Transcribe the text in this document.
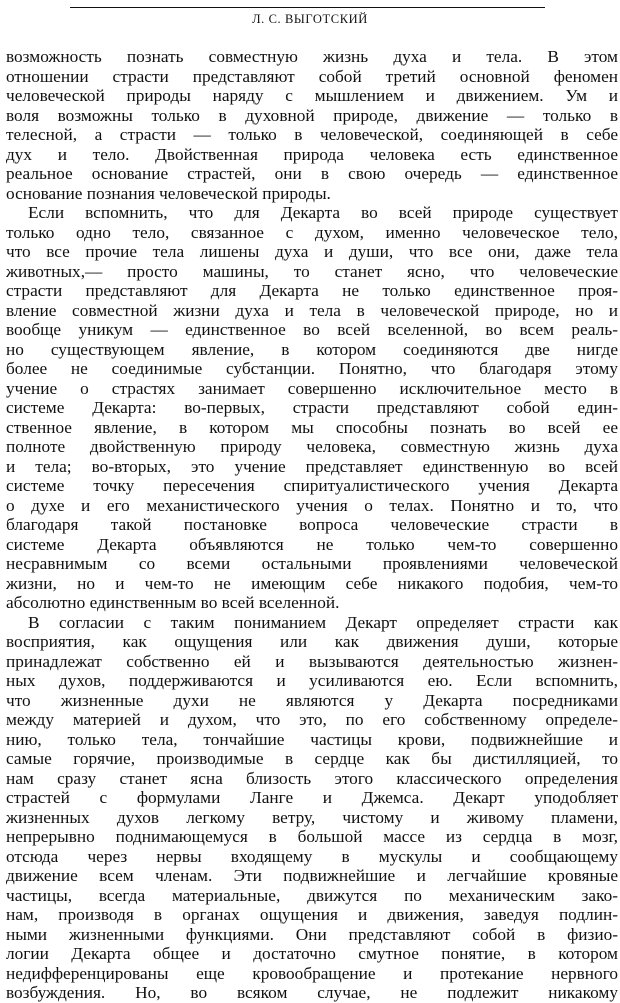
Л. С. ВЫГОТСКИЙ
возможность познать совместную жизнь духа и тела. В этом
отношении страсти представляют собой третий основной феномен
человеческой природы наряду с мышлением и движением. Ум и
воля возможны только в духовной природе, движение — только в
телесной, а страсти — только в человеческой, соединяющей в себе
дух и тело. Двойственная природа человека есть единственное
реальное основание страстей, они в свою очередь — единственное
основание познания человеческой природы.
Если вспомнить, что для Декарта во всей природе существует
только одно тело, связанное с духом, именно человеческое тело,
что все прочие тела лишены духа и души, что все они, даже тела
животных,— просто машины, то станет ясно, что человеческие
страсти представляют для Декарта не только единственное проя-
вление совместной жизни духа и тела в человеческой природе, но и
вообще уникум — единственное во всей вселенной, во всем реаль-
но существующем явление, в котором соединяются две нигде
более не соединимые субстанции. Понятно, что благодаря этому
учение о страстях занимает совершенно исключительное место в
системе Декарта: во-первых, страсти представляют собой един-
ственное явление, в котором мы способны познать во всей ее
полноте двойственную природу человека, совместную жизнь духа
и тела; во-вторых, это учение представляет единственную во всей
системе точку пересечения спиритуалистического учения Декарта
о духе и его механистического учения о телах. Понятно и то, что
благодаря такой постановке вопроса человеческие страсти в
системе Декарта объявляются не только чем-то совершенно
несравнимым со всеми остальными проявлениями человеческой
жизни, но и чем-то не имеющим себе никакого подобия, чем-то
абсолютно единственным во всей вселенной.
В согласии с таким пониманием Декарт определяет страсти как
восприятия, как ощущения или как движения души, которые
принадлежат собственно ей и вызываются деятельностью жизнен-
ных духов, поддерживаются и усиливаются ею. Если вспомнить,
что жизненные духи не являются у Декарта посредниками
между материей и духом, что это, по его собственному определе-
нию, только тела, тончайшие частицы крови, подвижнейшие и
самые горячие, производимые в сердце как бы дистилляцией, то
нам сразу станет ясна близость этого классического определения
страстей с формулами Ланге и Джемса. Декарт уподобляет
жизненных духов легкому ветру, чистому и живому пламени,
непрерывно поднимающемуся в большой массе из сердца в мозг,
отсюда через нервы входящему в мускулы и сообщающему
движение всем членам. Эти подвижнейшие и легчайшие кровяные
частицы, всегда материальные, движутся по механическим зако-
нам, производя в органах ощущения и движения, заведуя подлин-
ными жизненными функциями. Они представляют собой в физио-
логии Декарта общее и достаточно смутное понятие, в котором
недифференцированы еще кровообращение и протекание нервного
возбуждения. Но, во всяком случае, не подлежит никакому
